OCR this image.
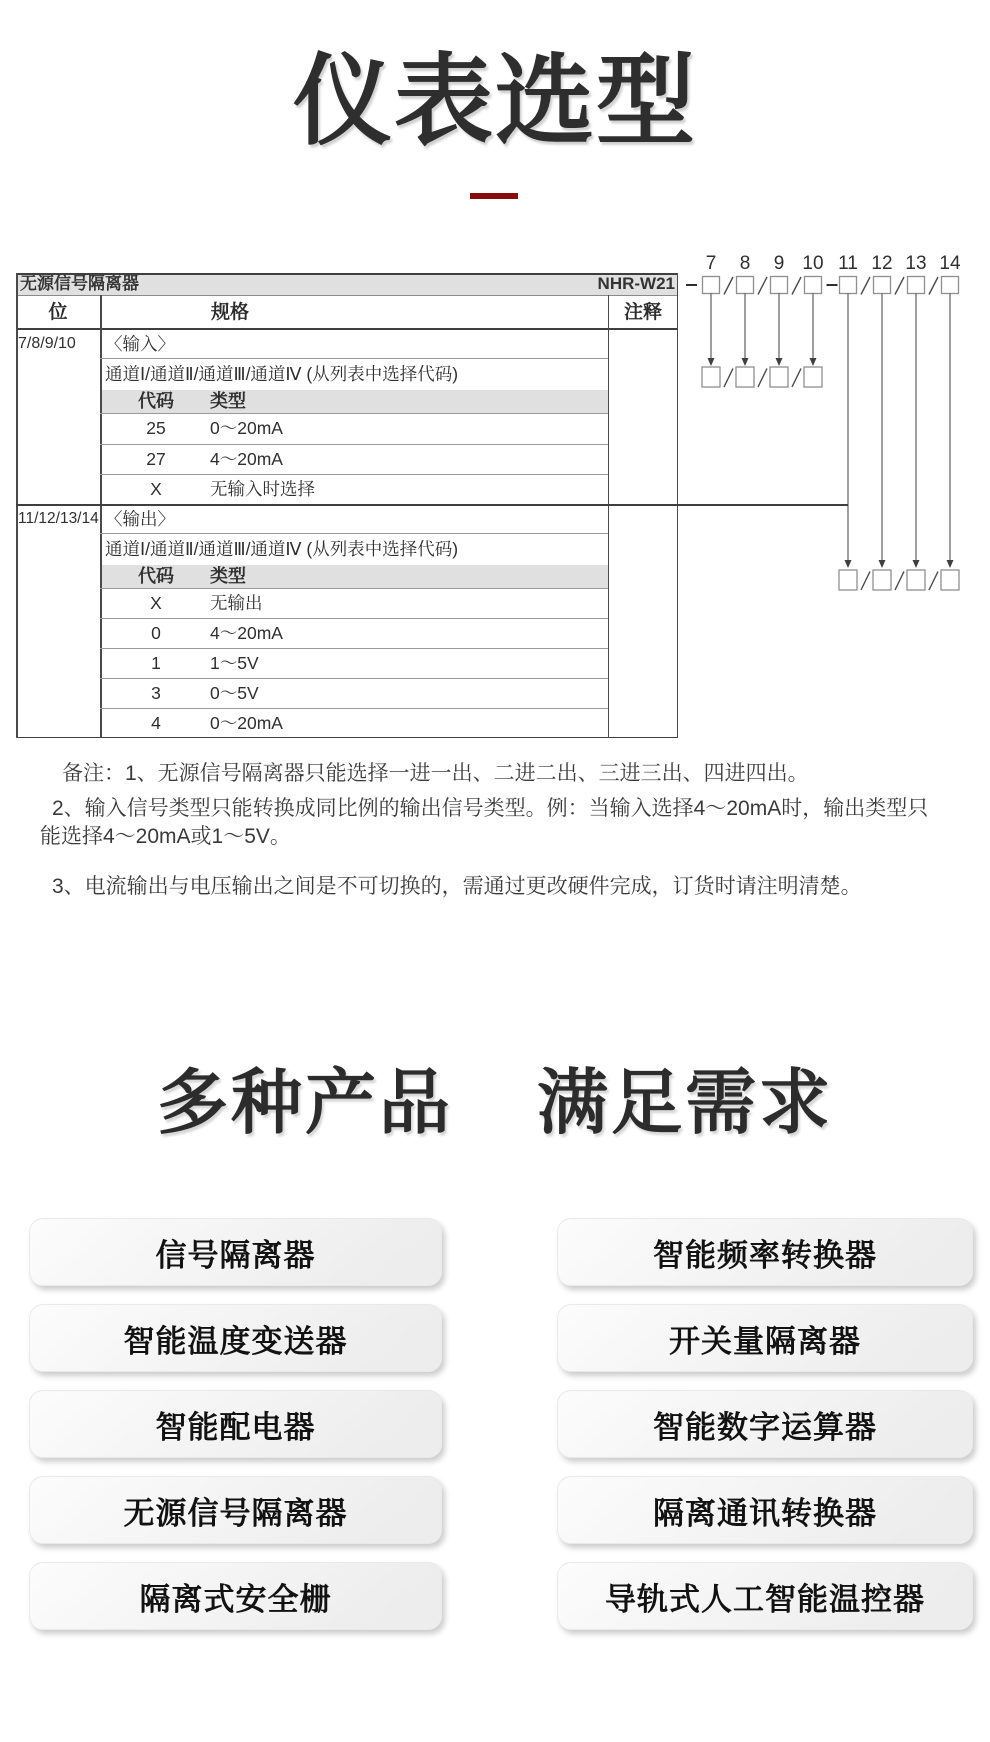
仪表选型
无源信号隔离器	NHR-W21
位	规格	注释
7/8/9/10	〈输入〉
通道Ⅰ/通道Ⅱ/通道Ⅲ/通道Ⅳ (从列表中选择代码)
代码	类型
25	0～20mA
27	4～20mA
X	无输入时选择
11/12/13/14 〈输出〉
通道Ⅰ/通道Ⅱ/通道Ⅲ/通道Ⅳ (从列表中选择代码)
代码	类型
X	无输出
0	4～20mA
1	1～5V
3	0～5V
4	0～20mA
7 8 9 10 11 12 13 14
备注：1、无源信号隔离器只能选择一进一出、二进二出、三进三出、四进四出。
2、输入信号类型只能转换成同比例的输出信号类型。例：当输入选择4～20mA时，输出类型只
能选择4～20mA或1～5V。
3、电流输出与电压输出之间是不可切换的，需通过更改硬件完成，订货时请注明清楚。
多种产品 满足需求
信号隔离器	智能频率转换器
智能温度变送器	开关量隔离器
智能配电器	智能数字运算器
无源信号隔离器	隔离通讯转换器
隔离式安全栅	导轨式人工智能温控器
